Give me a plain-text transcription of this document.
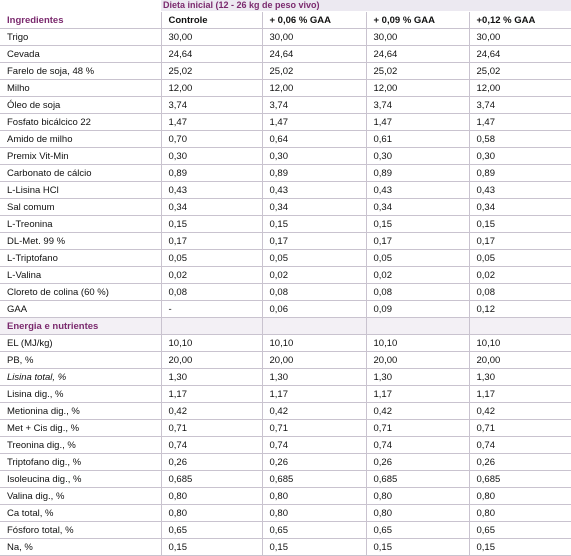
Dieta inicial (12 - 26 kg de peso vivo)
Ingredientes	Controle	+ 0,06 % GAA	+ 0,09 % GAA	+0,12 % GAA
Trigo	30,00	30,00	30,00	30,00
Cevada	24,64	24,64	24,64	24,64
Farelo de soja, 48 %	25,02	25,02	25,02	25,02
Milho	12,00	12,00	12,00	12,00
Óleo de soja	3,74	3,74	3,74	3,74
Fosfato bicálcico 22	1,47	1,47	1,47	1,47
Amido de milho	0,70	0,64	0,61	0,58
Premix Vit-Min	0,30	0,30	0,30	0,30
Carbonato de cálcio	0,89	0,89	0,89	0,89
L-Lisina HCl	0,43	0,43	0,43	0,43
Sal comum	0,34	0,34	0,34	0,34
L-Treonina	0,15	0,15	0,15	0,15
DL-Met. 99 %	0,17	0,17	0,17	0,17
L-Triptofano	0,05	0,05	0,05	0,05
L-Valina	0,02	0,02	0,02	0,02
Cloreto de colina (60 %)	0,08	0,08	0,08	0,08
GAA	-	0,06	0,09	0,12
Energia e nutrientes				
EL (MJ/kg)	10,10	10,10	10,10	10,10
PB, %	20,00	20,00	20,00	20,00
Lisina total, %	1,30	1,30	1,30	1,30
Lisina dig., %	1,17	1,17	1,17	1,17
Metionina dig., %	0,42	0,42	0,42	0,42
Met + Cis dig., %	0,71	0,71	0,71	0,71
Treonina dig., %	0,74	0,74	0,74	0,74
Triptofano dig., %	0,26	0,26	0,26	0,26
Isoleucina dig., %	0,685	0,685	0,685	0,685
Valina dig., %	0,80	0,80	0,80	0,80
Ca total, %	0,80	0,80	0,80	0,80
Fósforo total, %	0,65	0,65	0,65	0,65
Na, %	0,15	0,15	0,15	0,15
